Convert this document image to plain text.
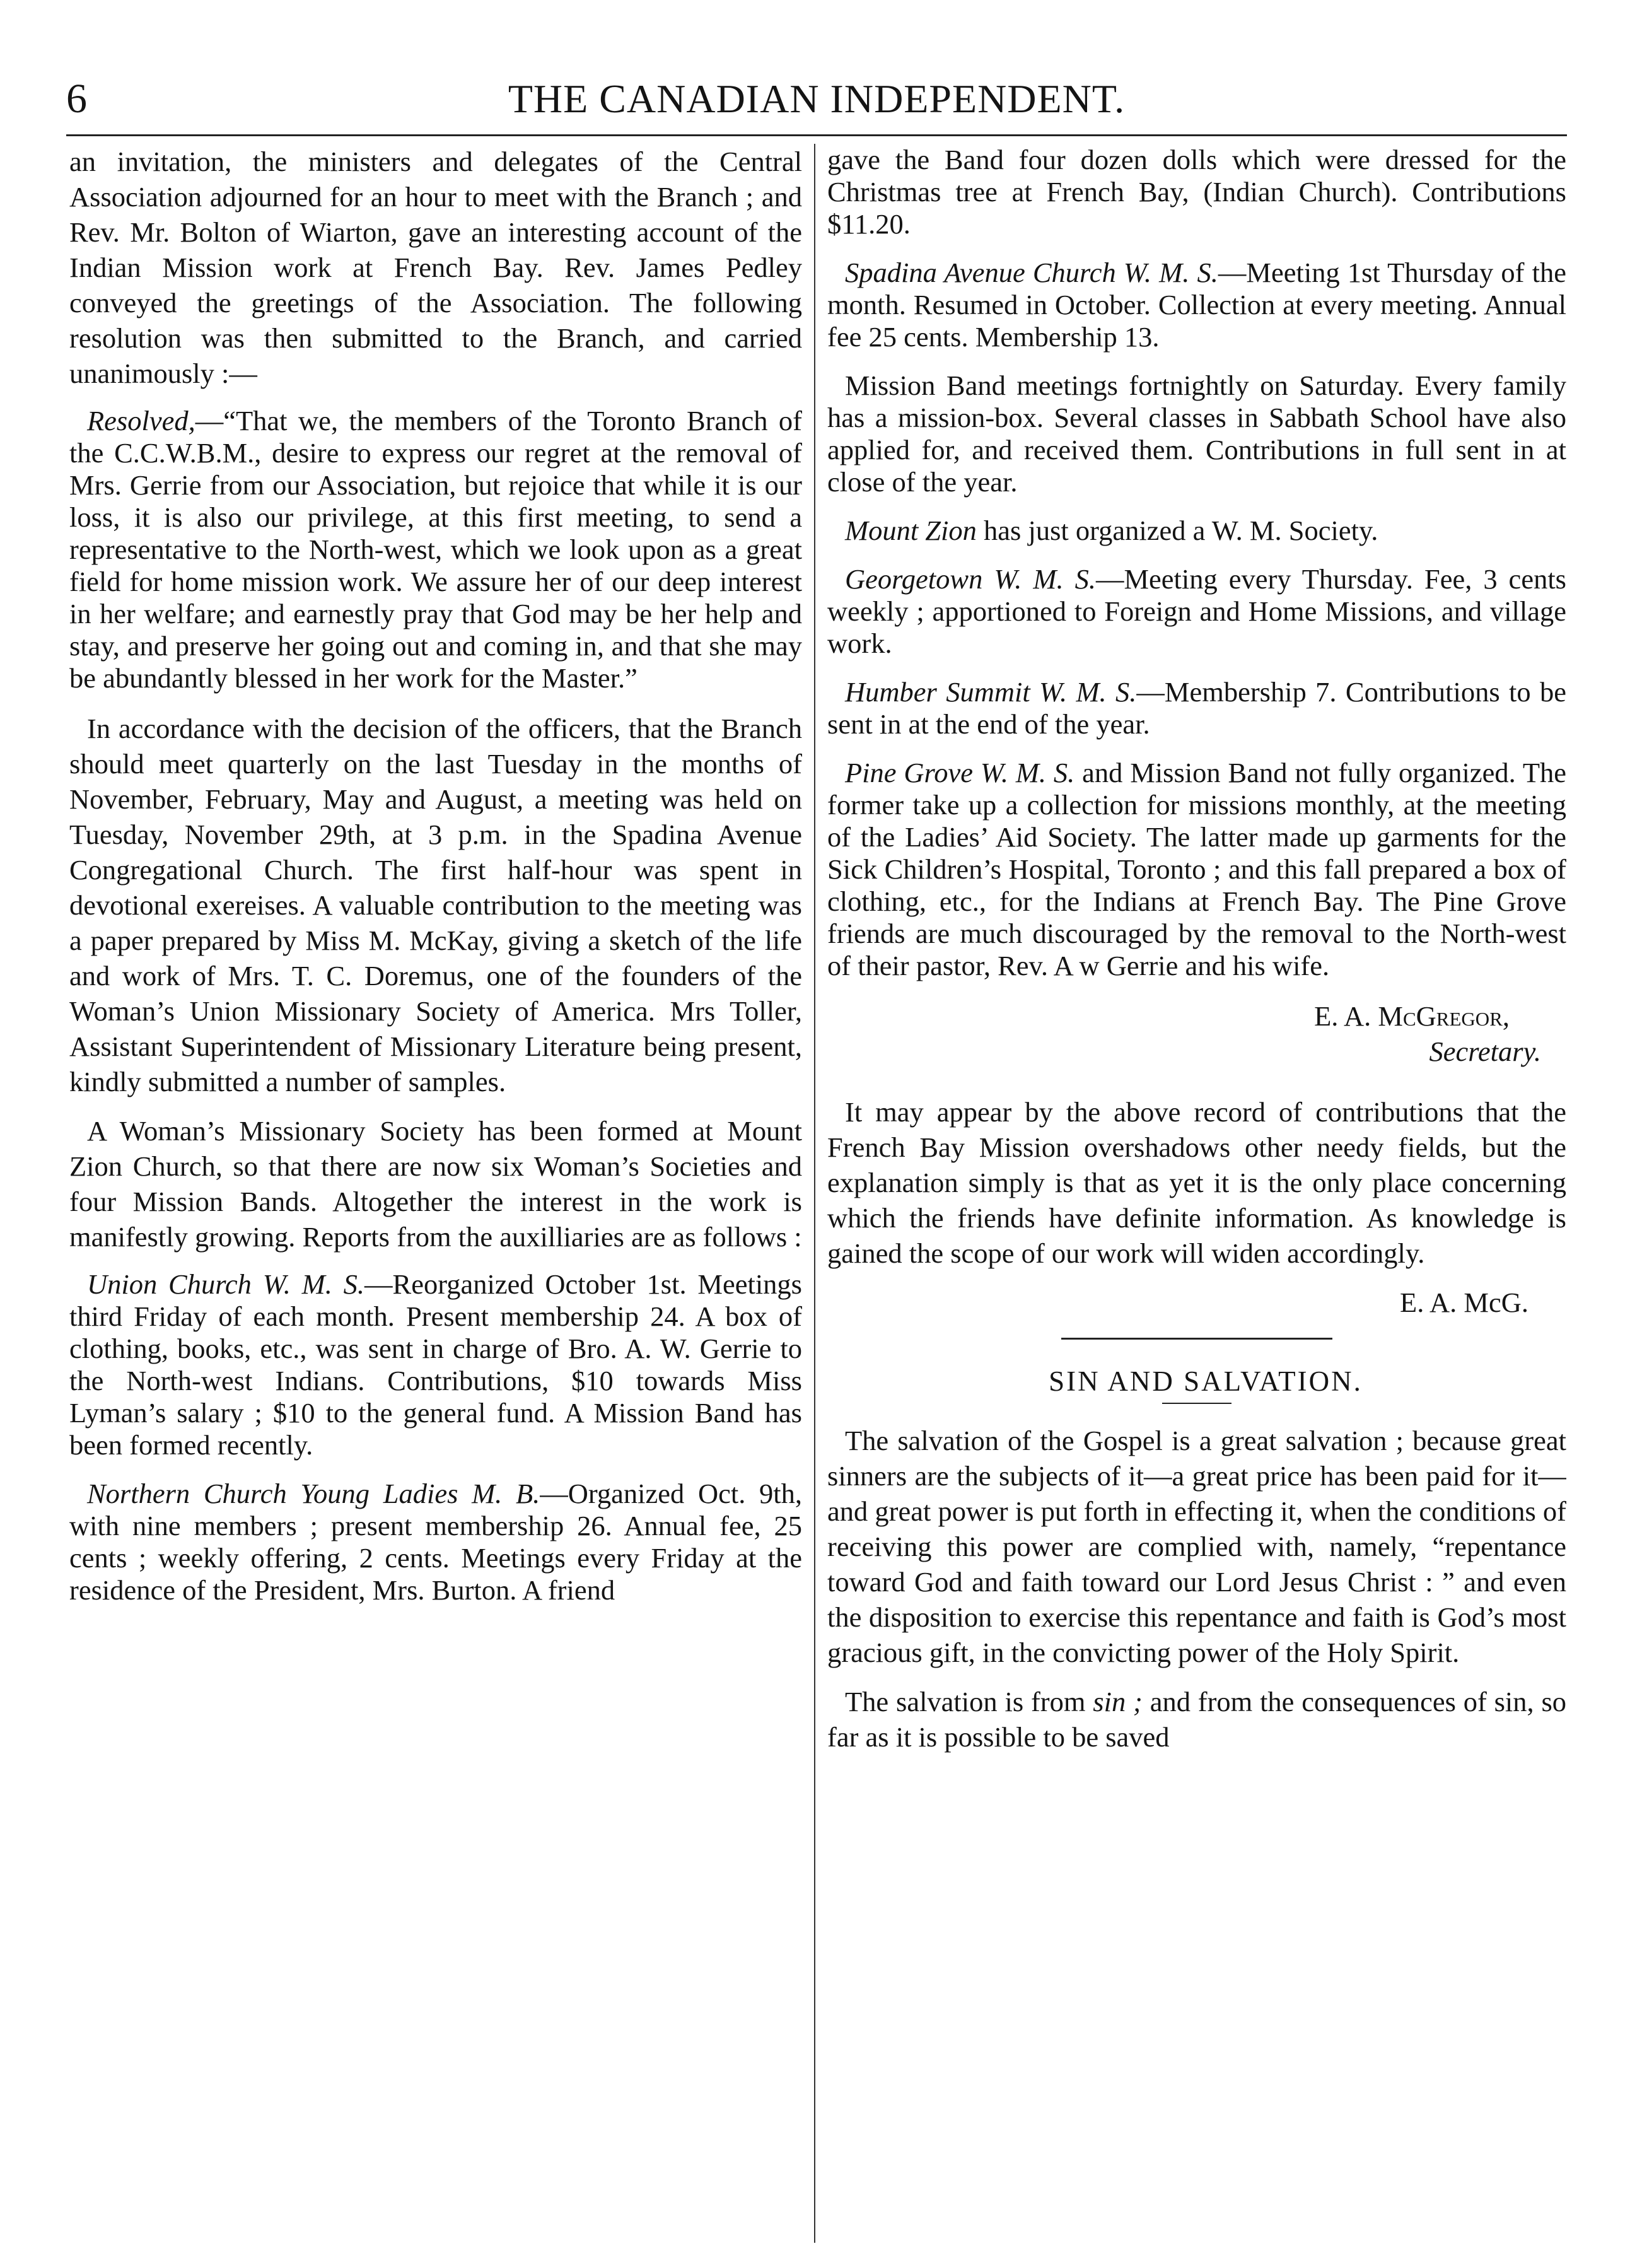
6	THE CANADIAN INDEPENDENT.

an invitation, the ministers and delegates of the Central Association adjourned for an hour to meet with the Branch ; and Rev. Mr. Bolton of Wiarton, gave an interesting account of the Indian Mission work at French Bay. Rev. James Pedley conveyed the greetings of the Association. The following resolution was then submitted to the Branch, and carried unanimously :—

Resolved,—“That we, the members of the Toronto Branch of the C.C.W.B.M., desire to express our regret at the removal of Mrs. Gerrie from our Association, but rejoice that while it is our loss, it is also our privilege, at this first meeting, to send a representative to the North-west, which we look upon as a great field for home mission work. We assure her of our deep interest in her welfare; and earnestly pray that God may be her help and stay, and preserve her going out and coming in, and that she may be abundantly blessed in her work for the Master.”

In accordance with the decision of the officers, that the Branch should meet quarterly on the last Tuesday in the months of November, February, May and August, a meeting was held on Tuesday, November 29th, at 3 p.m. in the Spadina Avenue Congregational Church. The first half-hour was spent in devotional exereises. A valuable contribution to the meeting was a paper prepared by Miss M. McKay, giving a sketch of the life and work of Mrs. T. C. Doremus, one of the founders of the Woman’s Union Missionary Society of America. Mrs Toller, Assistant Superintendent of Missionary Literature being present, kindly submitted a number of samples.

A Woman’s Missionary Society has been formed at Mount Zion Church, so that there are now six Woman’s Societies and four Mission Bands. Altogether the interest in the work is manifestly growing. Reports from the auxilliaries are as follows :

Union Church W. M. S.—Reorganized October 1st. Meetings third Friday of each month. Present membership 24. A box of clothing, books, etc., was sent in charge of Bro. A. W. Gerrie to the North-west Indians. Contributions, $10 towards Miss Lyman’s salary ; $10 to the general fund. A Mission Band has been formed recently.

Northern Church Young Ladies M. B.—Organized Oct. 9th, with nine members ; present membership 26. Annual fee, 25 cents ; weekly offering, 2 cents. Meetings every Friday at the residence of the President, Mrs. Burton. A friend

gave the Band four dozen dolls which were dressed for the Christmas tree at French Bay, (Indian Church). Contributions $11.20.

Spadina Avenue Church W. M. S.—Meeting 1st Thursday of the month. Resumed in October. Collection at every meeting. Annual fee 25 cents. Membership 13.

Mission Band meetings fortnightly on Saturday. Every family has a mission-box. Several classes in Sabbath School have also applied for, and received them. Contributions in full sent in at close of the year.

Mount Zion has just organized a W. M. Society.

Georgetown W. M. S.—Meeting every Thursday. Fee, 3 cents weekly ; apportioned to Foreign and Home Missions, and village work.

Humber Summit W. M. S.—Membership 7. Contributions to be sent in at the end of the year.

Pine Grove W. M. S. and Mission Band not fully organized. The former take up a collection for missions monthly, at the meeting of the Ladies’ Aid Society. The latter made up garments for the Sick Children’s Hospital, Toronto ; and this fall prepared a box of clothing, etc., for the Indians at French Bay. The Pine Grove friends are much discouraged by the removal to the North-west of their pastor, Rev. A w Gerrie and his wife.

E. A. McGregor,

Secretary.

It may appear by the above record of contributions that the French Bay Mission overshadows other needy fields, but the explanation simply is that as yet it is the only place concerning which the friends have definite information. As knowledge is gained the scope of our work will widen accordingly.

E. A. McG.

SIN AND SALVATION.

The salvation of the Gospel is a great salvation ; because great sinners are the subjects of it—a great price has been paid for it—and great power is put forth in effecting it, when the conditions of receiving this power are complied with, namely, “repentance toward God and faith toward our Lord Jesus Christ : ” and even the disposition to exercise this repentance and faith is God’s most gracious gift, in the convicting power of the Holy Spirit.

The salvation is from sin ; and from the consequences of sin, so far as it is possible to be saved
